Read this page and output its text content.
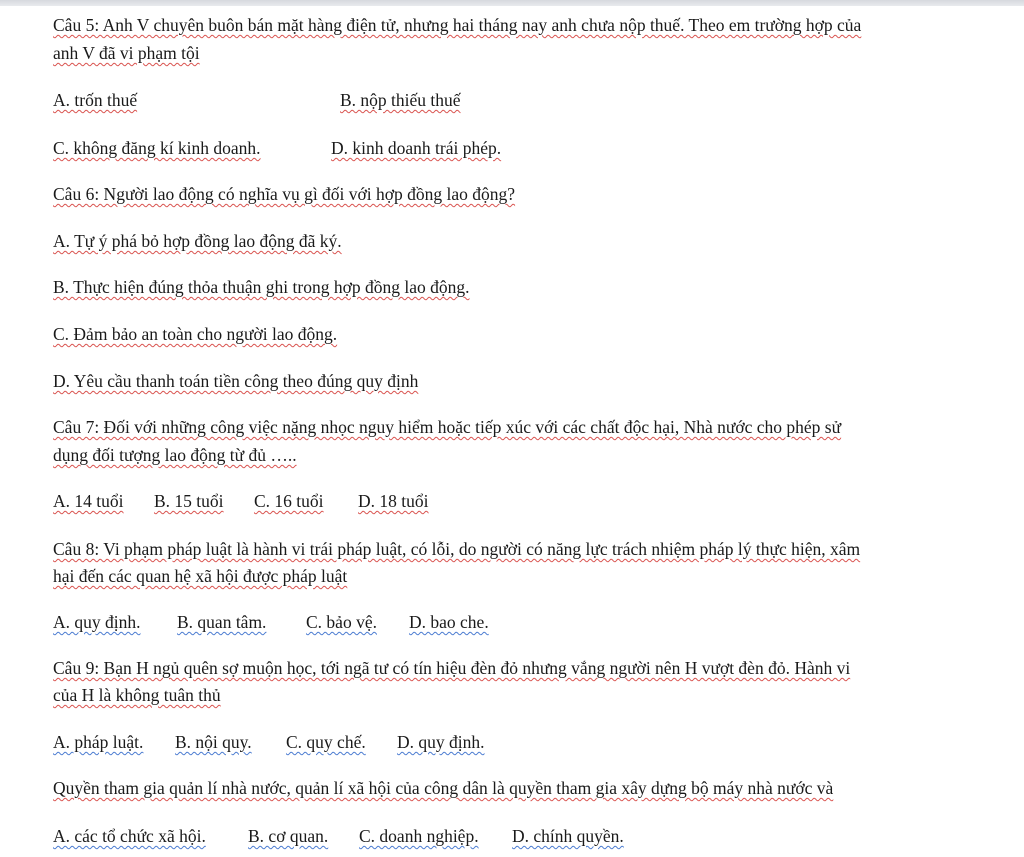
Câu 5: Anh V chuyên buôn bán mặt hàng điện tử, nhưng hai tháng nay anh chưa nộp thuế. Theo em trường hợp của
anh V đã vi phạm tội
A. trốn thuế	B. nộp thiếu thuế
C. không đăng kí kinh doanh.	D. kinh doanh trái phép.
Câu 6: Người lao động có nghĩa vụ gì đối với hợp đồng lao động?
A. Tự ý phá bỏ hợp đồng lao động đã ký.
B. Thực hiện đúng thỏa thuận ghi trong hợp đồng lao động.
C. Đảm bảo an toàn cho người lao động.
D. Yêu cầu thanh toán tiền công theo đúng quy định
Câu 7: Đối với những công việc nặng nhọc nguy hiểm hoặc tiếp xúc với các chất độc hại, Nhà nước cho phép sử
dụng đối tượng lao động từ đủ …..
A. 14 tuổi B. 15 tuổi C. 16 tuổi D. 18 tuổi
Câu 8: Vi phạm pháp luật là hành vi trái pháp luật, có lỗi, do người có năng lực trách nhiệm pháp lý thực hiện, xâm
hại đến các quan hệ xã hội được pháp luật
A. quy định. B. quan tâm. C. bảo vệ. D. bao che.
Câu 9: Bạn H ngủ quên sợ muộn học, tới ngã tư có tín hiệu đèn đỏ nhưng vắng người nên H vượt đèn đỏ. Hành vi
của H là không tuân thủ
A. pháp luật. B. nội quy. C. quy chế. D. quy định.
Quyền tham gia quản lí nhà nước, quản lí xã hội của công dân là quyền tham gia xây dựng bộ máy nhà nước và
A. các tổ chức xã hội. B. cơ quan. C. doanh nghiệp. D. chính quyền.
